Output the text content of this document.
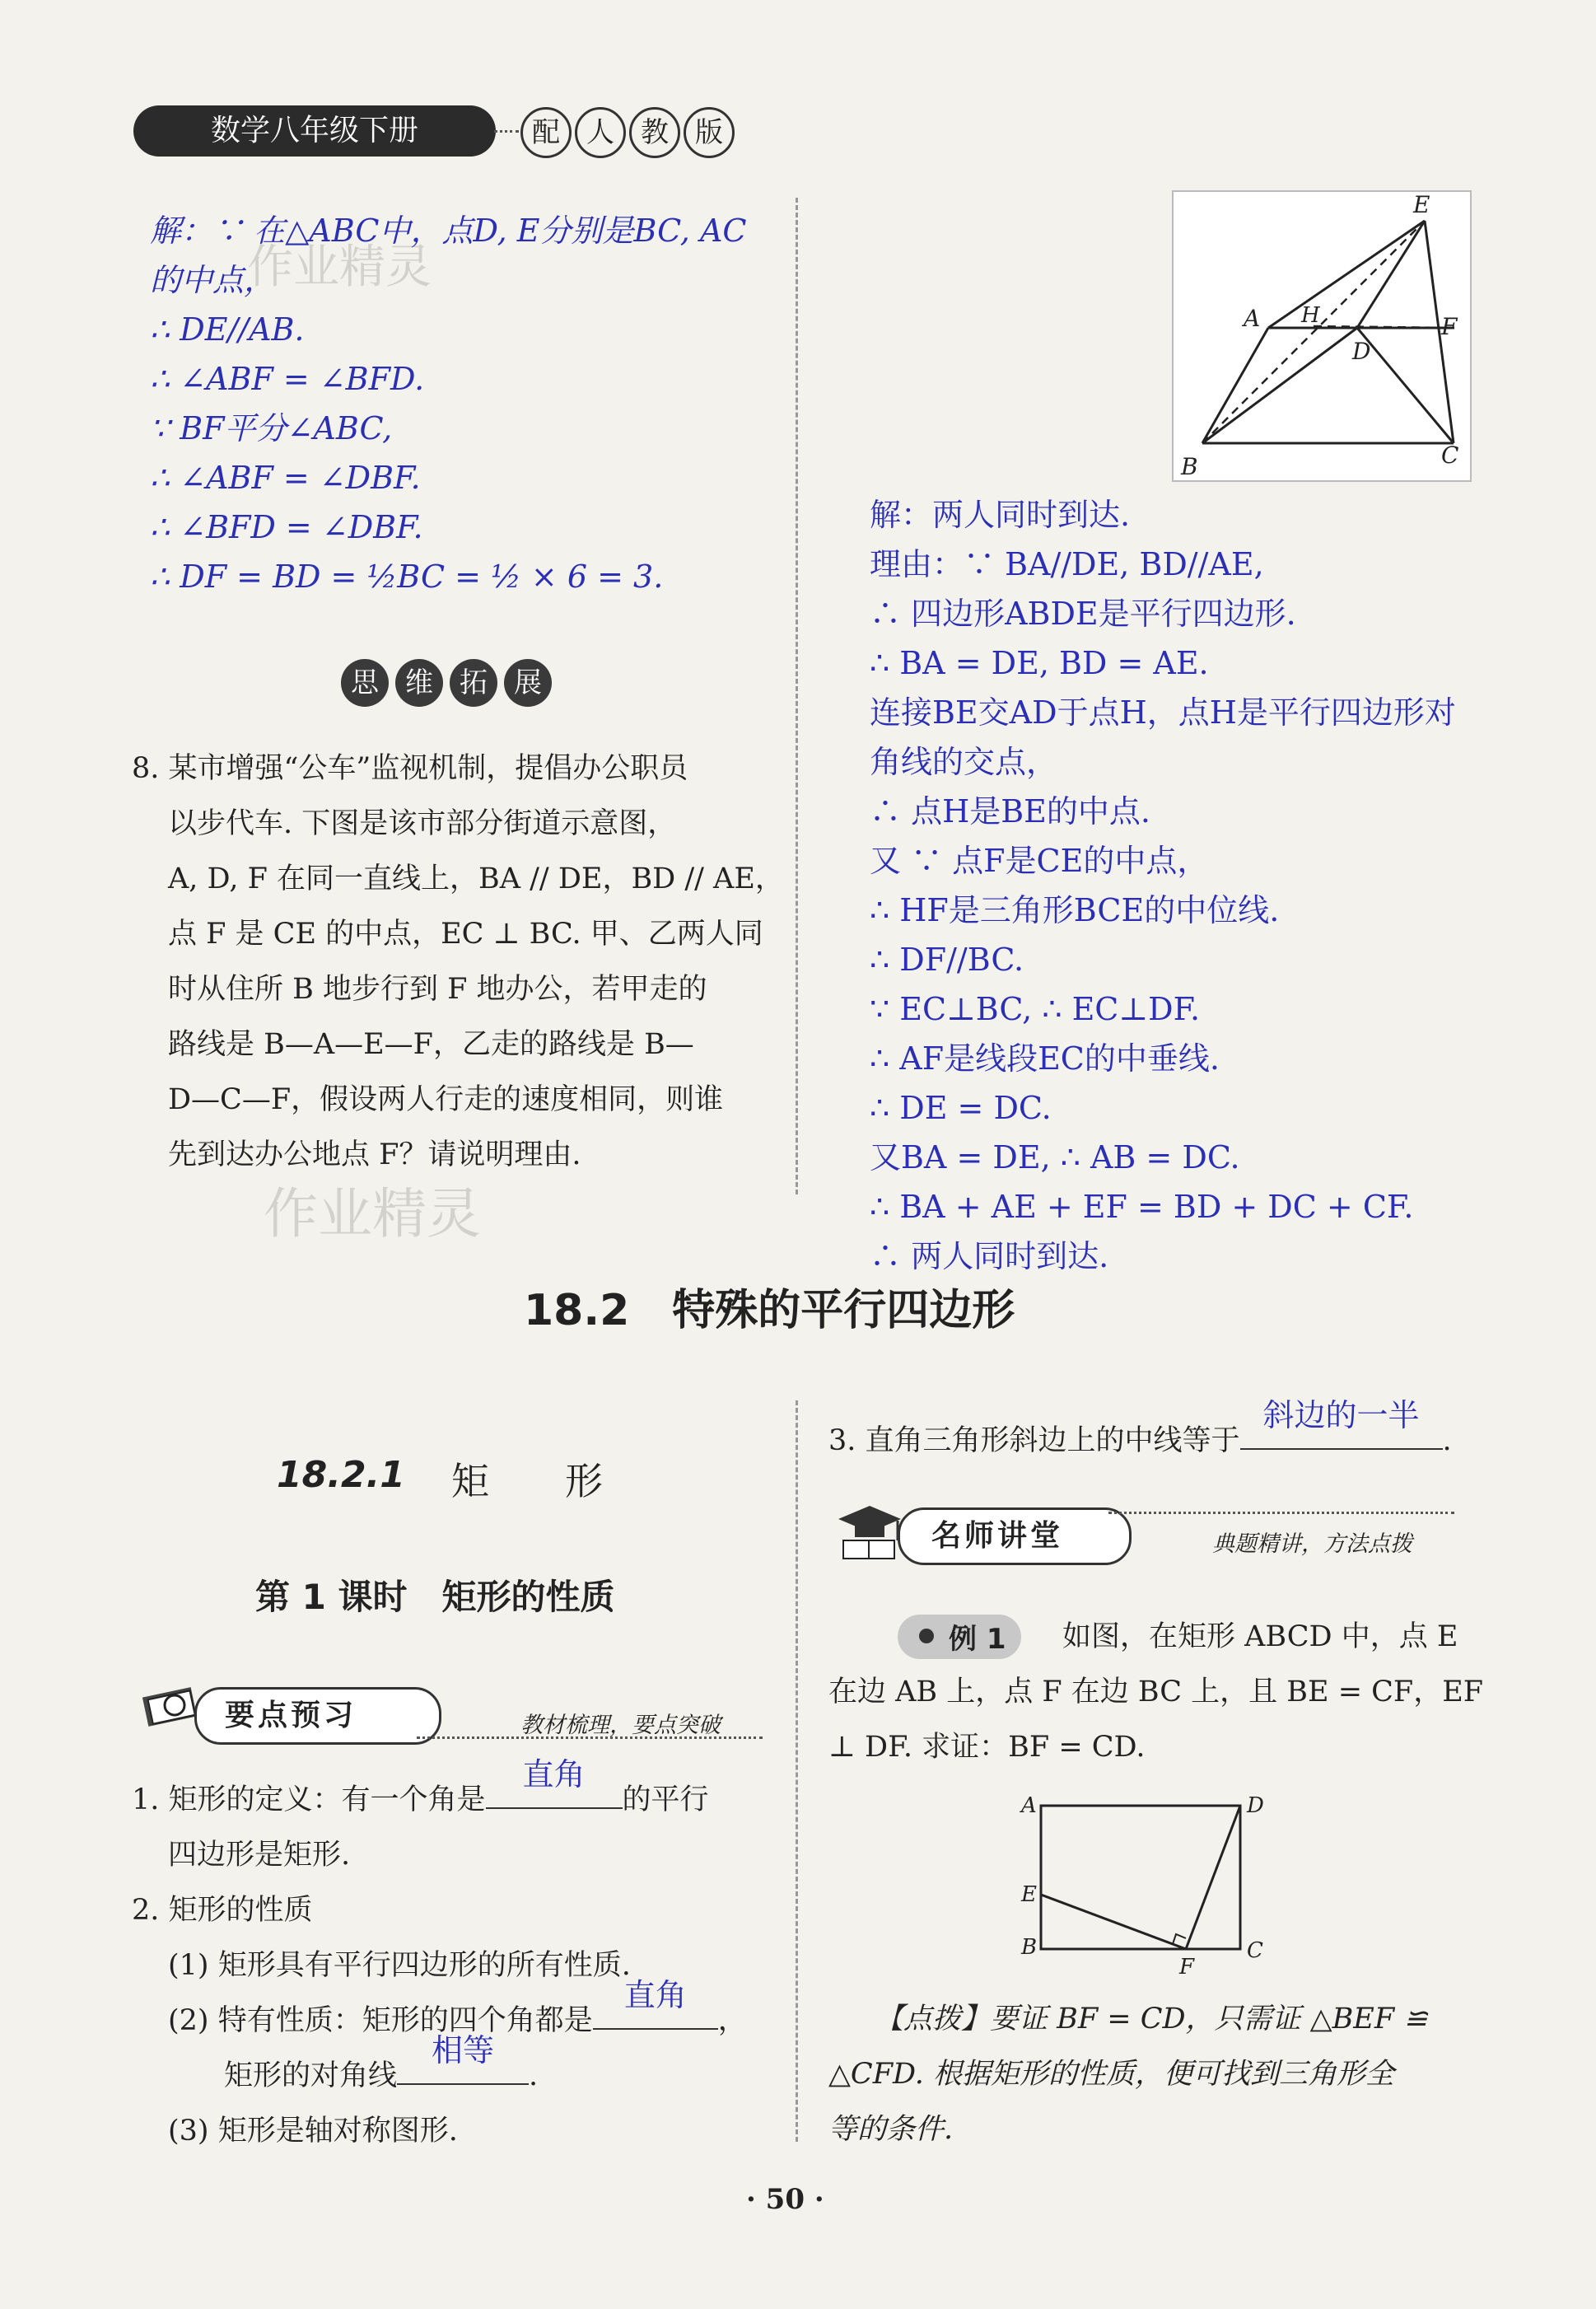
数学八年级下册	配 人 教 版
解：∵ 在△ABC中，点D, E分别是BC, AC
的中点，
∴ DE//AB.
∴ ∠ABF = ∠BFD.
∵ BF平分∠ABC,
∴ ∠ABF = ∠DBF.
∴ ∠BFD = ∠DBF.
∴ DF = BD = ½BC = ½ × 6 = 3.
思 维 拓 展
8. 某市增强“公车”监视机制，提倡办公职员
以步代车. 下图是该市部分街道示意图，
A, D, F 在同一直线上，BA // DE，BD // AE，
点 F 是 CE 的中点，EC ⊥ BC. 甲、乙两人同
时从住所 B 地步行到 F 地办公，若甲走的
路线是 B—A—E—F，乙走的路线是 B—
D—C—F，假设两人行走的速度相同，则谁
先到达办公地点 F？请说明理由.
E
A H	F
D
B	C
解：两人同时到达.
理由：∵ BA//DE, BD//AE,
∴ 四边形ABDE是平行四边形.
∴ BA = DE, BD = AE.
连接BE交AD于点H，点H是平行四边形对
角线的交点，
∴ 点H是BE的中点.
又 ∵ 点F是CE的中点，
∴ HF是三角形BCE的中位线.
∴ DF//BC.
∵ EC⊥BC, ∴ EC⊥DF.
∴ AF是线段EC的中垂线.
∴ DE = DC.
又BA = DE, ∴ AB = DC.
∴ BA + AE + EF = BD + DC + CF.
∴ 两人同时到达.
作业精灵
作业精灵
18.2　特殊的平行四边形
18.2.1 矩　　形
第 1 课时　矩形的性质
要点预习	教材梳理，要点突破
1. 矩形的定义：有一个角是
直角
的平行
四边形是矩形.
2. 矩形的性质
(1) 矩形具有平行四边形的所有性质.
(2) 特有性质：矩形的四个角都是
直角
，
矩形的对角线
相等
.
(3) 矩形是轴对称图形.
3. 直角三角形斜边上的中线等于
斜边的一半
.
名师讲堂	典题精讲，方法点拨
例 1	如图，在矩形 ABCD 中，点 E
在边 AB 上，点 F 在边 BC 上，且 BE = CF，EF
⊥ DF. 求证：BF = CD.
A	D
E
B
F
C
【点拨】要证 BF = CD，只需证 △BEF ≌
△CFD. 根据矩形的性质，便可找到三角形全
等的条件.
· 50 ·
